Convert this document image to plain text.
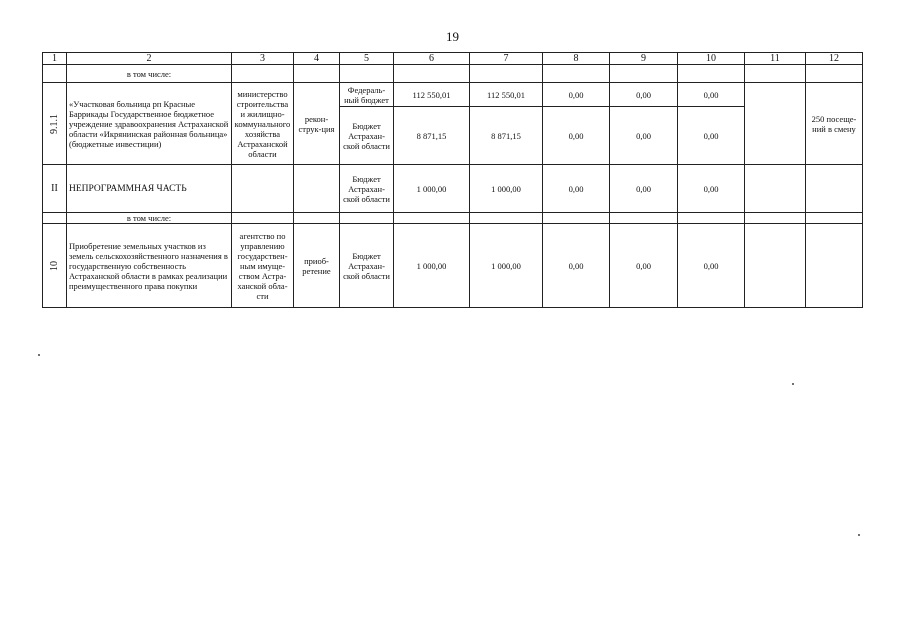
19
1	2	3	4	5	6	7	8	9	10	11	12
	в том числе:										
9.1.1	«Участковая больница рп Красные Баррикады Государственное бюджетное учреждение здравоохранения Астраханской области «Икрянинская районная больница» (бюджетные инвестиции)	министерство строительства и жилищно-коммунального хозяйства Астраханской области	рекон-струк-ция	Федераль-ный бюджет	112 550,01	112 550,01	0,00	0,00	0,00		250 посеще-ний в смену
				Бюджет Астрахан-ской области	8 871,15	8 871,15	0,00	0,00	0,00		
II	НЕПРОГРАММНАЯ ЧАСТЬ			Бюджет Астрахан-ской области	1 000,00	1 000,00	0,00	0,00	0,00		
	в том числе:										
10	Приобретение земельных участков из земель сельскохозяйственного назначения в государственную собственность Астраханской области в рамках реализации преимущественного права покупки	агентство по управлению государствен-ным имуще-ством Астра-ханской обла-сти	приоб-ретение	Бюджет Астрахан-ской области	1 000,00	1 000,00	0,00	0,00	0,00		
